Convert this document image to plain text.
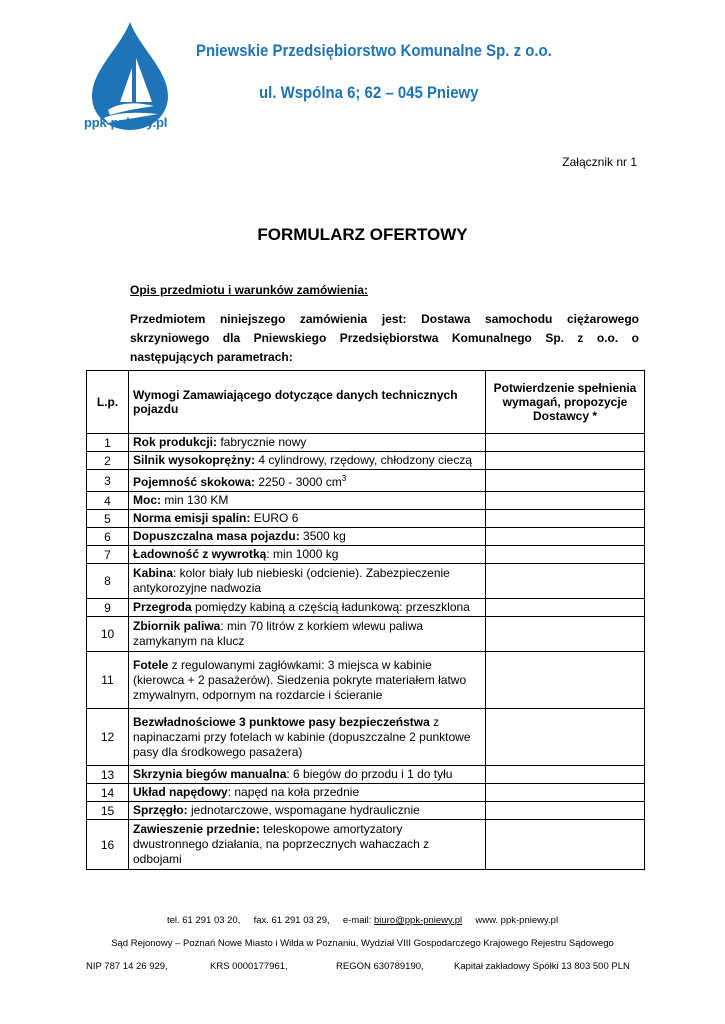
ppk-pniewy.pl
Pniewskie Przedsiębiorstwo Komunalne Sp. z o.o.
ul. Wspólna 6; 62 – 045 Pniewy
Załącznik nr 1
FORMULARZ OFERTOWY
Opis przedmiotu i warunków zamówienia:
Przedmiotem niniejszego zamówienia jest: Dostawa samochodu ciężarowego skrzyniowego dla Pniewskiego Przedsiębiorstwa Komunalnego Sp. z o.o. o następujących parametrach:
L.p.	Wymogi Zamawiającego dotyczące danych technicznych pojazdu	Potwierdzenie spełnienia wymagań, propozycje Dostawcy *
1	Rok produkcji: fabrycznie nowy	
2	Silnik wysokoprężny: 4 cylindrowy, rzędowy, chłodzony cieczą	
3	Pojemność skokowa: 2250 - 3000 $cm^3$	
4	Moc: min 130 KM	
5	Norma emisji spalin: EURO 6	
6	Dopuszczalna masa pojazdu: 3500 kg	
7	Ładowność z wywrotką: min 1000 kg	
8	Kabina: kolor biały lub niebieski (odcienie). Zabezpieczenie antykorozyjne nadwozia	
9	Przegroda pomiędzy kabiną a częścią ładunkową: przeszklona	
10	Zbiornik paliwa: min 70 litrów z korkiem wlewu paliwa zamykanym na klucz	
11	Fotele z regulowanymi zagłówkami: 3 miejsca w kabinie (kierowca + 2 pasażerów). Siedzenia pokryte materiałem łatwo zmywalnym, odpornym na rozdarcie i ścieranie	
12	Bezwładnościowe 3 punktowe pasy bezpieczeństwa z napinaczami przy fotelach w kabinie (dopuszczalne 2 punktowe pasy dla środkowego pasażera)	
13	Skrzynia biegów manualna: 6 biegów do przodu i 1 do tyłu	
14	Układ napędowy: napęd na koła przednie	
15	Sprzęgło: jednotarczowe, wspomagane hydraulicznie	
16	Zawieszenie przednie: teleskopowe amortyzatory dwustronnego działania, na poprzecznych wahaczach z odbojami	
tel. 61 291 03 20, fax. 61 291 03 29, e-mail: biuro@ppk-pniewy.pl www. ppk-pniewy.pl
Sąd Rejonowy – Poznań Nowe Miasto i Wilda w Poznaniu, Wydział VIII Gospodarczego Krajowego Rejestru Sądowego
NIP 787 14 26 929,	KRS 0000177961,	REGON 630789190,	Kapitał zakładowy Spółki 13 803 500 PLN
